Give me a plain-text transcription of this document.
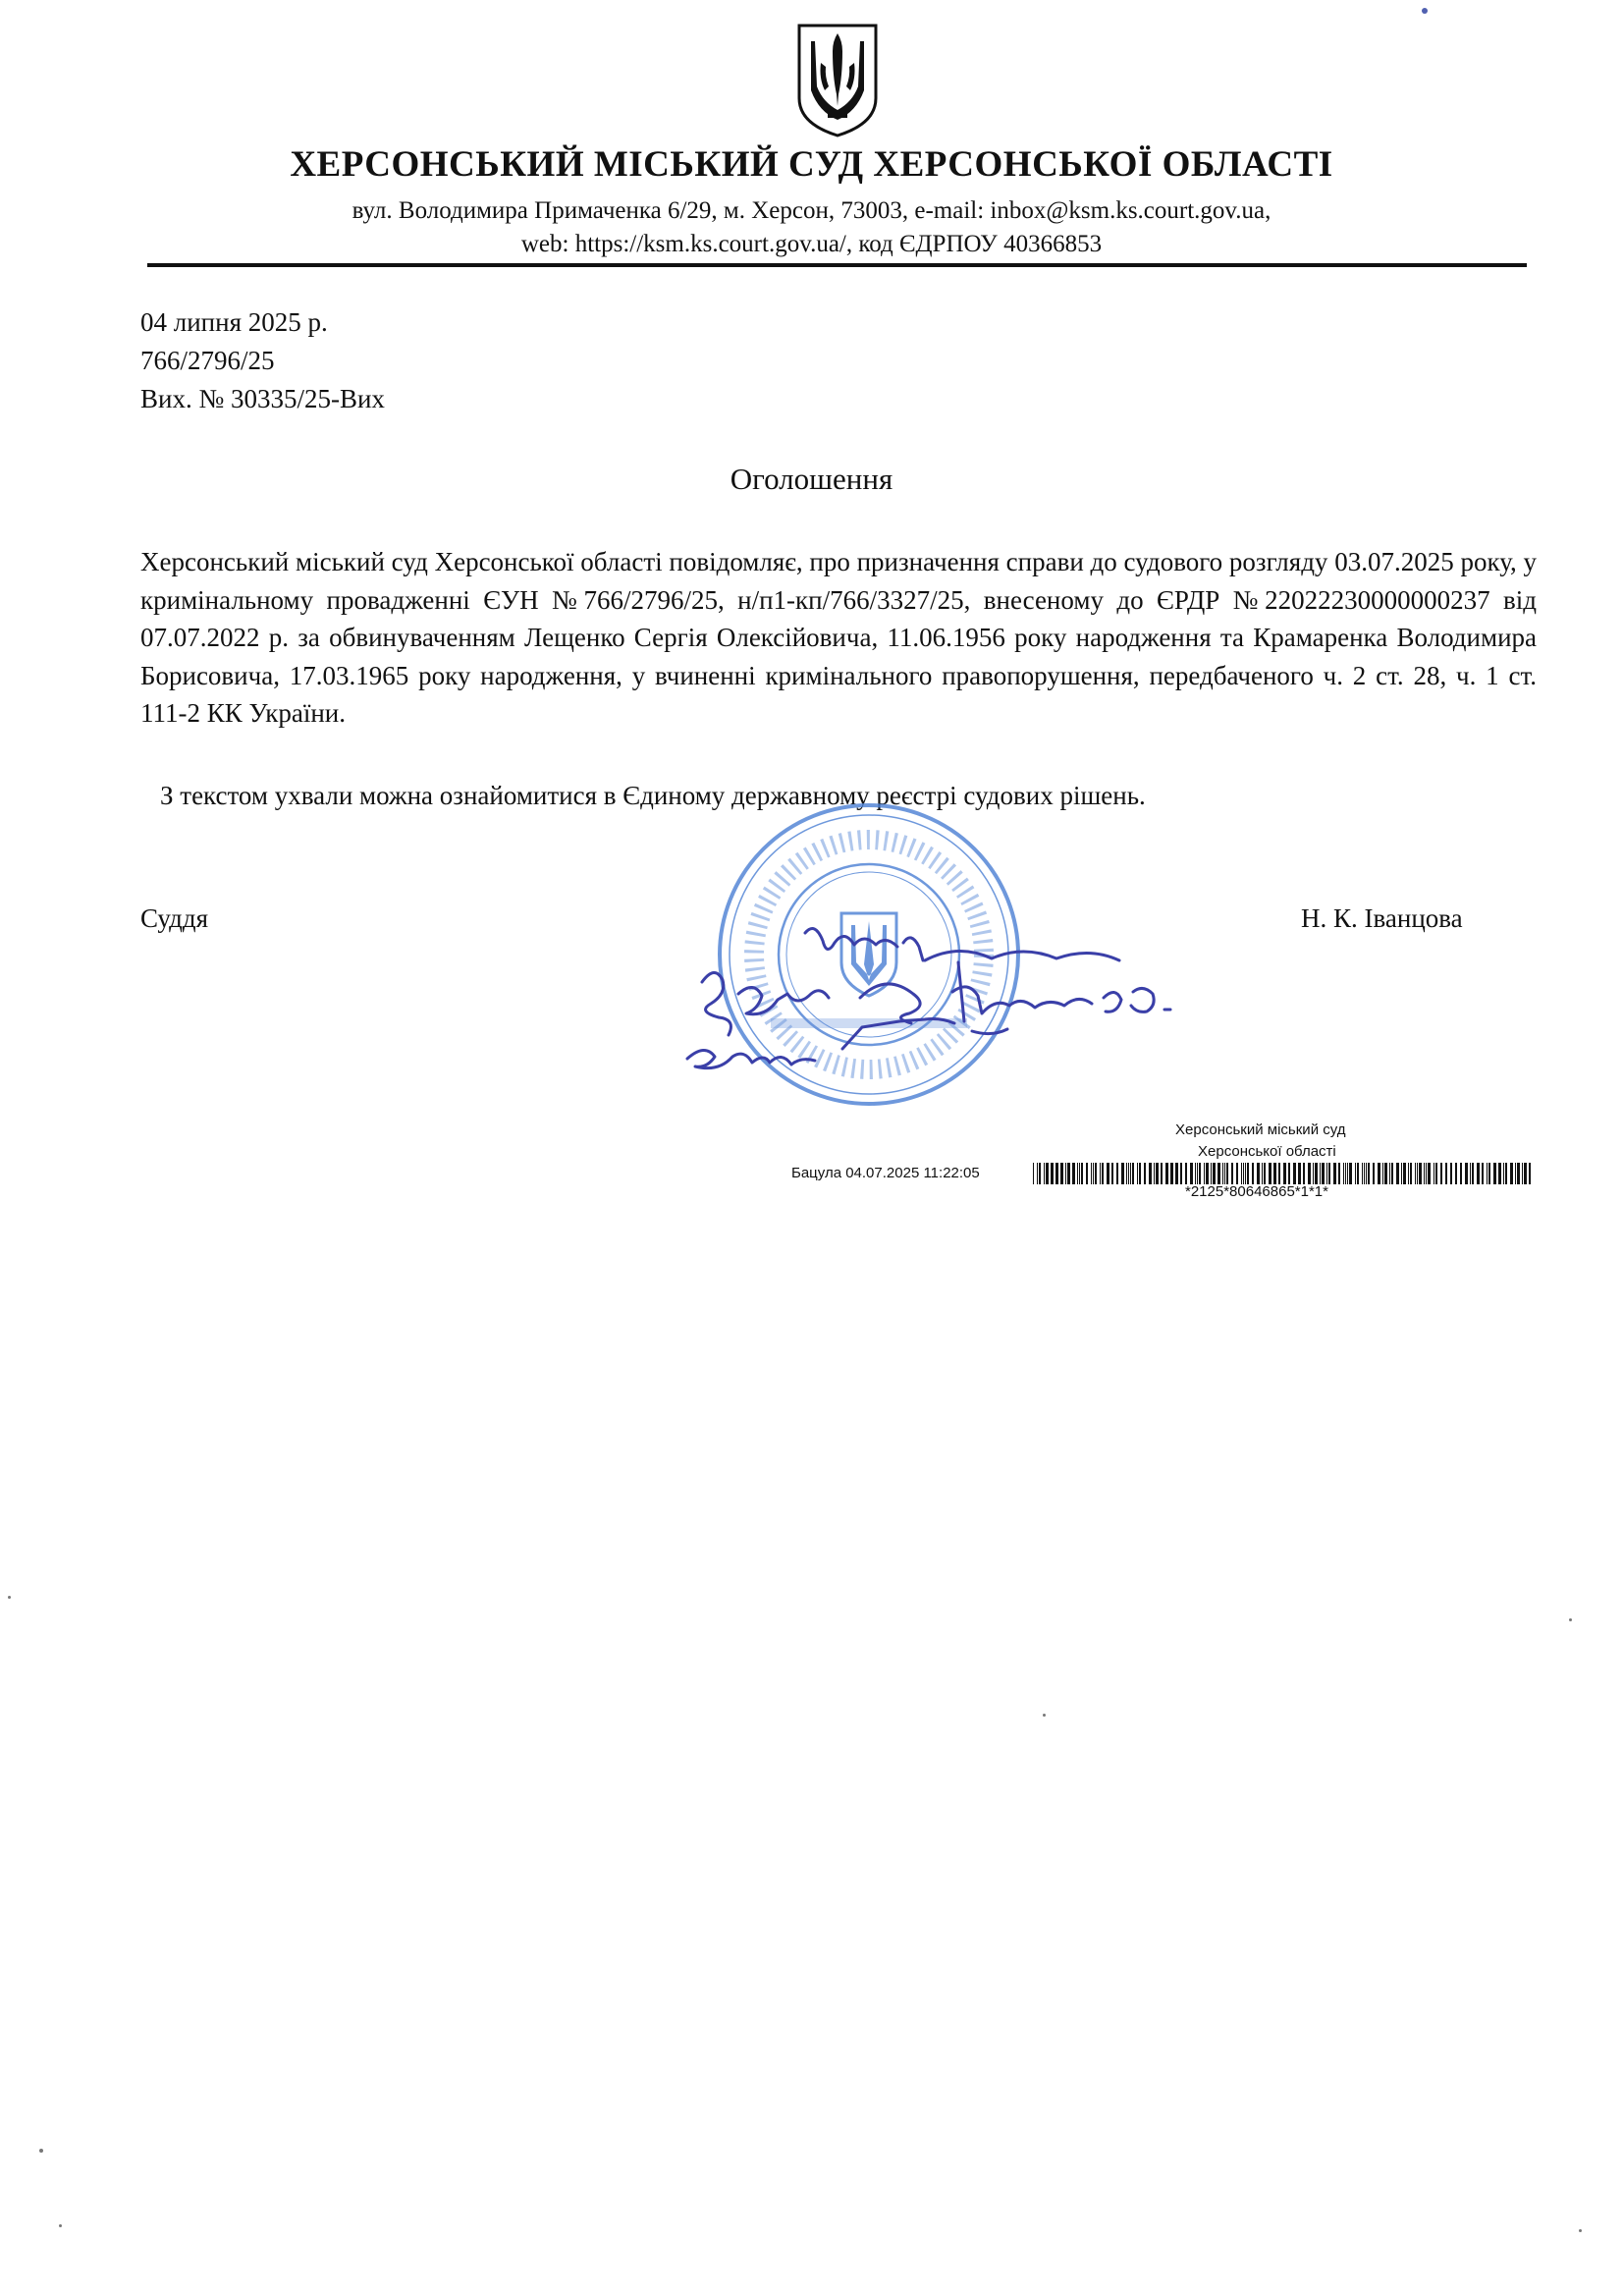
ХЕРСОНСЬКИЙ МІСЬКИЙ СУД ХЕРСОНСЬКОЇ ОБЛАСТІ
вул. Володимира Примаченка 6/29, м. Херсон, 73003, e-mail: inbox@ksm.ks.court.gov.ua,
web: https://ksm.ks.court.gov.ua/, код ЄДРПОУ 40366853
04 липня 2025 р.
766/2796/25
Вих. № 30335/25-Вих
Оголошення
Херсонський міський суд Херсонської області повідомляє, про призначення справи до судового розгляду 03.07.2025 року, у кримінальному провадженні ЄУН №766/2796/25, н/п1-кп/766/3327/25, внесеному до ЄРДР №22022230000000237 від 07.07.2022 р. за обвинуваченням Лещенко Сергія Олексійовича, 11.06.1956 року народження та Крамаренка Володимира Борисовича, 17.03.1965 року народження, у вчиненні кримінального правопорушення, передбаченого ч. 2 ст. 28, ч. 1 ст. 111-2 КК України.
З текстом ухвали можна ознайомитися в Єдиному державному реєстрі судових рішень.
Суддя	Н. К. Іванцова
Херсонський міський суд
Херсонської області
Бацула 04.07.2025 11:22:05
*2125*80646865*1*1*
